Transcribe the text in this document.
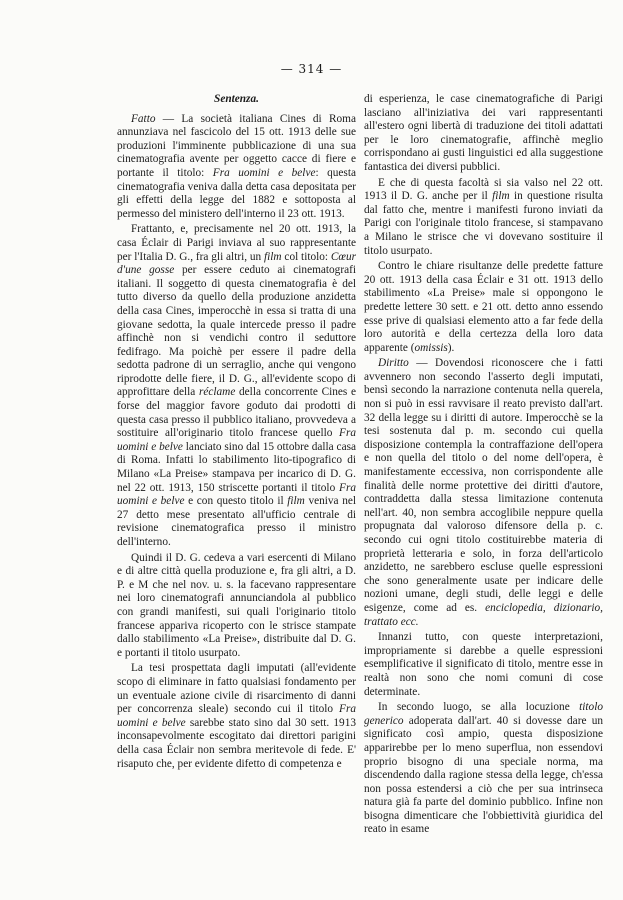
— 314 —

Sentenza.

Fatto — La società italiana Cines di Roma annunziava nel fascicolo del 15 ott. 1913 delle sue produzioni l'imminente pubblicazione di una sua cinematografia avente per oggetto cacce di fiere e portante il titolo: Fra uomini e belve: questa cinematografia veniva dalla detta casa depositata per gli effetti della legge del 1882 e sottoposta al permesso del ministero dell'interno il 23 ott. 1913.

Frattanto, e, precisamente nel 20 ott. 1913, la casa Éclair di Parigi inviava al suo rappresentante per l'Italia D. G., fra gli altri, un film col titolo: Cœur d'une gosse per essere ceduto ai cinematografi italiani. Il soggetto di questa cinematografia è del tutto diverso da quello della produzione anzidetta della casa Cines, imperocchè in essa si tratta di una giovane sedotta, la quale intercede presso il padre affinchè non si vendichi contro il seduttore fedifrago. Ma poichè per essere il padre della sedotta padrone di un serraglio, anche qui vengono riprodotte delle fiere, il D. G., all'evidente scopo di approfittare della réclame della concorrente Cines e forse del maggior favore goduto dai prodotti di questa casa presso il pubblico italiano, provvedeva a sostituire all'originario titolo francese quello Fra uomini e belve lanciato sino dal 15 ottobre dalla casa di Roma. Infatti lo stabilimento lito-tipografico di Milano «La Preise» stampava per incarico di D. G. nel 22 ott. 1913, 150 striscette portanti il titolo Fra uomini e belve e con questo titolo il film veniva nel 27 detto mese presentato all'ufficio centrale di revisione cinematografica presso il ministro dell'interno.

Quindi il D. G. cedeva a vari esercenti di Milano e di altre città quella produzione e, fra gli altri, a D. P. e M che nel nov. u. s. la facevano rappresentare nei loro cinematografi annunciandola al pubblico con grandi manifesti, sui quali l'originario titolo francese appariva ricoperto con le strisce stampate dallo stabilimento «La Preise», distribuite dal D. G. e portanti il titolo usurpato.

La tesi prospettata dagli imputati (all'evidente scopo di eliminare in fatto qualsiasi fondamento per un eventuale azione civile di risarcimento di danni per concorrenza sleale) secondo cui il titolo Fra uomini e belve sarebbe stato sino dal 30 sett. 1913 inconsapevolmente escogitato dai direttori parigini della casa Éclair non sembra meritevole di fede. E' risaputo che, per evidente difetto di competenza e

di esperienza, le case cinematografiche di Parigi lasciano all'iniziativa dei vari rappresentanti all'estero ogni libertà di traduzione dei titoli adattati per le loro cinematografie, affinchè meglio corrispondano ai gusti linguistici ed alla suggestione fantastica dei diversi pubblici.

E che di questa facoltà si sia valso nel 22 ott. 1913 il D. G. anche per il film in questione risulta dal fatto che, mentre i manifesti furono inviati da Parigi con l'originale titolo francese, si stampavano a Milano le strisce che vi dovevano sostituire il titolo usurpato.

Contro le chiare risultanze delle predette fatture 20 ott. 1913 della casa Éclair e 31 ott. 1913 dello stabilimento «La Preise» male si oppongono le predette lettere 30 sett. e 21 ott. detto anno essendo esse prive di qualsiasi elemento atto a far fede della loro autorità e della certezza della loro data apparente (omissis).

Diritto — Dovendosi riconoscere che i fatti avvennero non secondo l'asserto degli imputati, bensì secondo la narrazione contenuta nella querela, non si può in essi ravvisare il reato previsto dall'art. 32 della legge su i diritti di autore. Imperocchè se la tesi sostenuta dal p. m. secondo cui quella disposizione contempla la contraffazione dell'opera e non quella del titolo o del nome dell'opera, è manifestamente eccessiva, non corrispondente alle finalità delle norme protettive dei diritti d'autore, contraddetta dalla stessa limitazione contenuta nell'art. 40, non sembra accoglibile neppure quella propugnata dal valoroso difensore della p. c. secondo cui ogni titolo costituirebbe materia di proprietà letteraria e solo, in forza dell'articolo anzidetto, ne sarebbero escluse quelle espressioni che sono generalmente usate per indicare delle nozioni umane, degli studi, delle leggi e delle esigenze, come ad es. enciclopedia, dizionario, trattato ecc.

Innanzi tutto, con queste interpretazioni, impropriamente si darebbe a quelle espressioni esemplificative il significato di titolo, mentre esse in realtà non sono che nomi comuni di cose determinate.

In secondo luogo, se alla locuzione titolo generico adoperata dall'art. 40 si dovesse dare un significato così ampio, questa disposizione apparirebbe per lo meno superflua, non essendovi proprio bisogno di una speciale norma, ma discendendo dalla ragione stessa della legge, ch'essa non possa estendersi a ciò che per sua intrinseca natura già fa parte del dominio pubblico. Infine non bisogna dimenticare che l'obbiettività giuridica del reato in esame
